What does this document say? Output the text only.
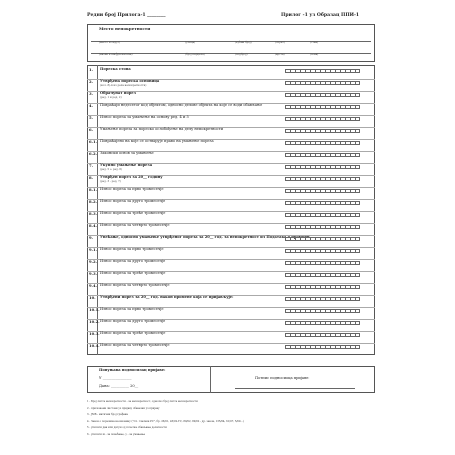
Редни број Прилога-1 ________	Прилог -1 уз Образац ППИ-1
Место непокретности
(место и округ)	(улица)	(кућни број)	(спрат)	(стан)
(назив и шифра насеља)	(број парцеле)	(подброј)	(врста)	(зона)
Попуњава подносилац пријаве:
У ________________
Дана: __________ 20__
Потпис подносиоца пријаве:
1. Пореска стопа
2. Утврђена пореска основица
(кол. 8(-4 из дела непокретности)
3. Обрачунат порез
(ред. 1 и ред. 2)
4. Поврaћaји недеcетог код објектом, односно делове објекта на које се води обављање
5. Износ пореза за умањење на основу ред. 4 и 5
6. Умањење пореза за пореско ослобођење на делу непокретности
6.1. Поврaћaјено на које се оствaрује право на умaњење порезa
6.2. Законски основ за умањење
7. Укупно умањење пореза
(ред. 5 + ред. 6)
8. Утврђен порез за 20__ годину
(ред. 3 - ред. 7)
8.1. Износ пореза за прво тромесечје
8.2. Износ пореза за друго тромесечје
8.3. Износ пореза за треће тромесечје
8.4. Износ пореза за четврто тромесечје
9. Увећање, односно умањење утврђеног пореза за 20__ год. за непокретност из Података о промени
9.1. Износ пореза за прво тромесечје
9.2. Износ пореза за друго тромесечје
9.3. Износ пореза за треће тромесечје
9.4. Износ пореза за четврто тромесечје
10. Утврђени порез за 20__ год. након промене која се пријављује:
10.1. Износ пореза за прво тромесечје
10.2. Износ пореза за друго тромесечје
10.3. Износ пореза за треће тромесечје
10.4. Износ пореза за четврто тромесечје
1 - Број листа непокретности - за непокретност, односно број листа непокретности
2 - приложени листови уз пријаву обавезни уз пријаву
3 - ЈМБ - матични број грађана
4 - Закон о порезима на имовину ("Сл. гласник РС", бр. 26/01, 45/02-УС, 80/02, 80/02 - др. закон, 135/04, 61/07, 5/09...)
5 - уписати дан или датум од почетка обављања делатности
6 - уписати ш - за повећање, у - за умањење
